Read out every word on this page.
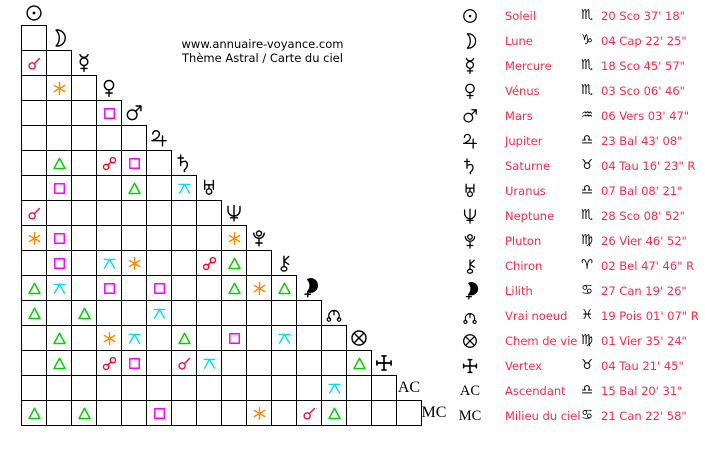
AC
MC
www.annuaire-voyance.com
Thème Astral / Carte du ciel
Soleil	♏ 20 Sco 37' 18"
Lune	♑ 04 Cap 22' 25"
Mercure	♏ 18 Sco 45' 57"
Vénus	♏ 03 Sco 06' 46"
Mars	♒ 06 Vers 03' 47"
Jupiter	♎ 23 Bal 43' 08"
Saturne	♉ 04 Tau 16' 23" R
Uranus	♎ 07 Bal 08' 21"
Neptune	♏ 28 Sco 08' 52"
Pluton	♍ 26 Vier 46' 52"
Chiron	♈ 02 Bel 47' 46" R
Lilith	♋ 27 Can 19' 26"
Vrai noeud ♓ 19 Pois 01' 07" R
Chem de vie ♍ 01 Vier 35' 24"
Vertex	♉ 04 Tau 21' 45"
AC Ascendant	♎ 15 Bal 20' 31"
MC Milieu du ciel ♋ 21 Can 22' 58"
